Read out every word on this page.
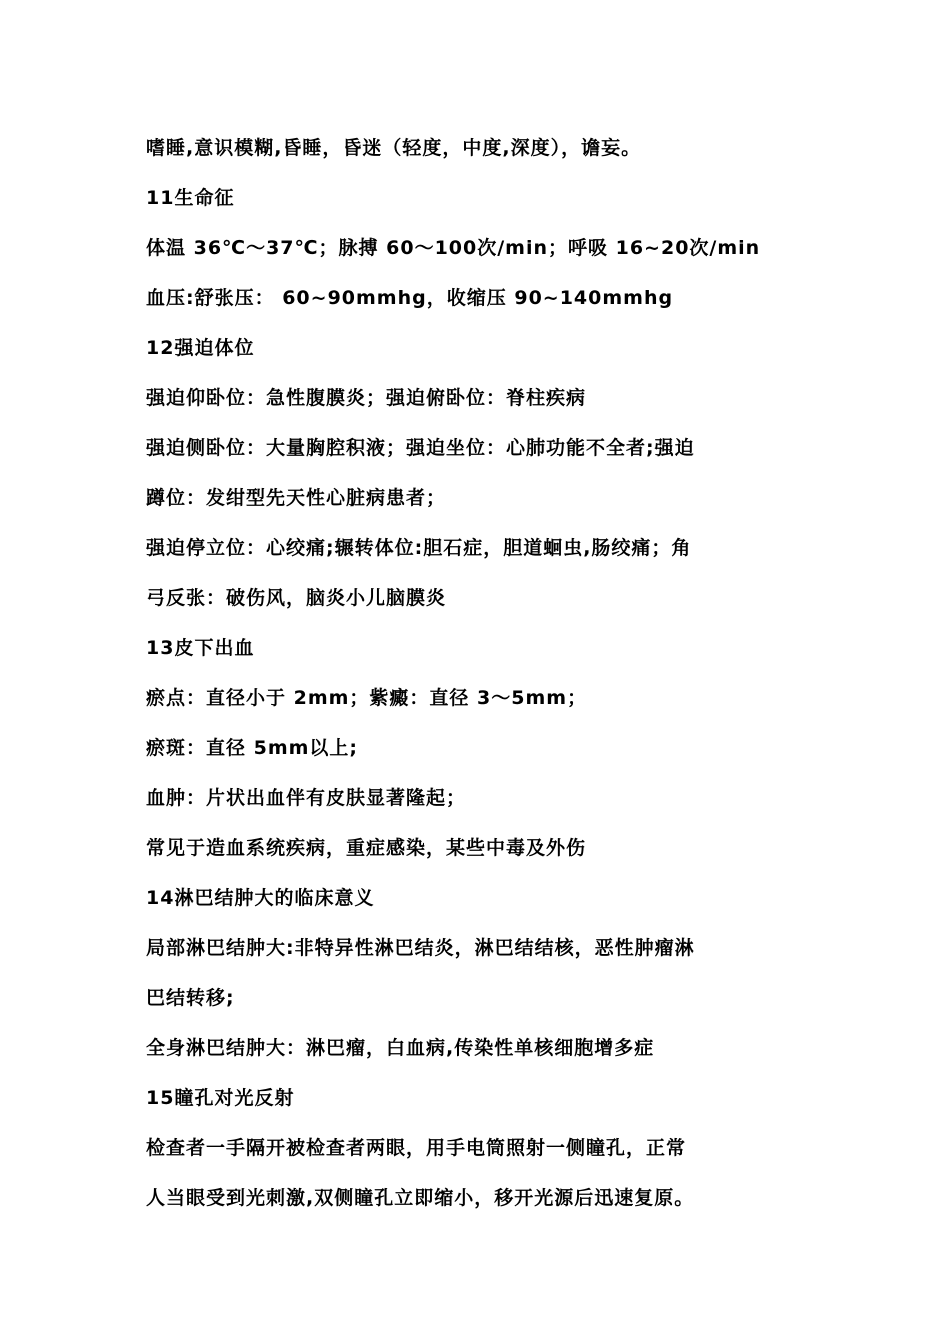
嗜睡,意识模糊,昏睡，昏迷（轻度，中度,深度），谵妄。
11生命征
体温 36℃～37℃；脉搏 60～100次/min；呼吸 16~20次/min
血压:舒张压： 60~90mmhg，收缩压 90~140mmhg
12强迫体位
强迫仰卧位：急性腹膜炎；强迫俯卧位：脊柱疾病
强迫侧卧位：大量胸腔积液；强迫坐位：心肺功能不全者;强迫
蹲位：发绀型先天性心脏病患者；
强迫停立位：心绞痛;辗转体位:胆石症，胆道蛔虫,肠绞痛；角
弓反张：破伤风，脑炎小儿脑膜炎
13皮下出血
瘀点：直径小于 2mm；紫癜：直径 3～5mm；
瘀斑：直径 5mm以上;
血肿：片状出血伴有皮肤显著隆起；
常见于造血系统疾病，重症感染，某些中毒及外伤
14淋巴结肿大的临床意义
局部淋巴结肿大:非特异性淋巴结炎，淋巴结结核，恶性肿瘤淋
巴结转移;
全身淋巴结肿大：淋巴瘤，白血病,传染性单核细胞增多症
15瞳孔对光反射
检查者一手隔开被检查者两眼，用手电筒照射一侧瞳孔，正常
人当眼受到光刺激,双侧瞳孔立即缩小，移开光源后迅速复原。
